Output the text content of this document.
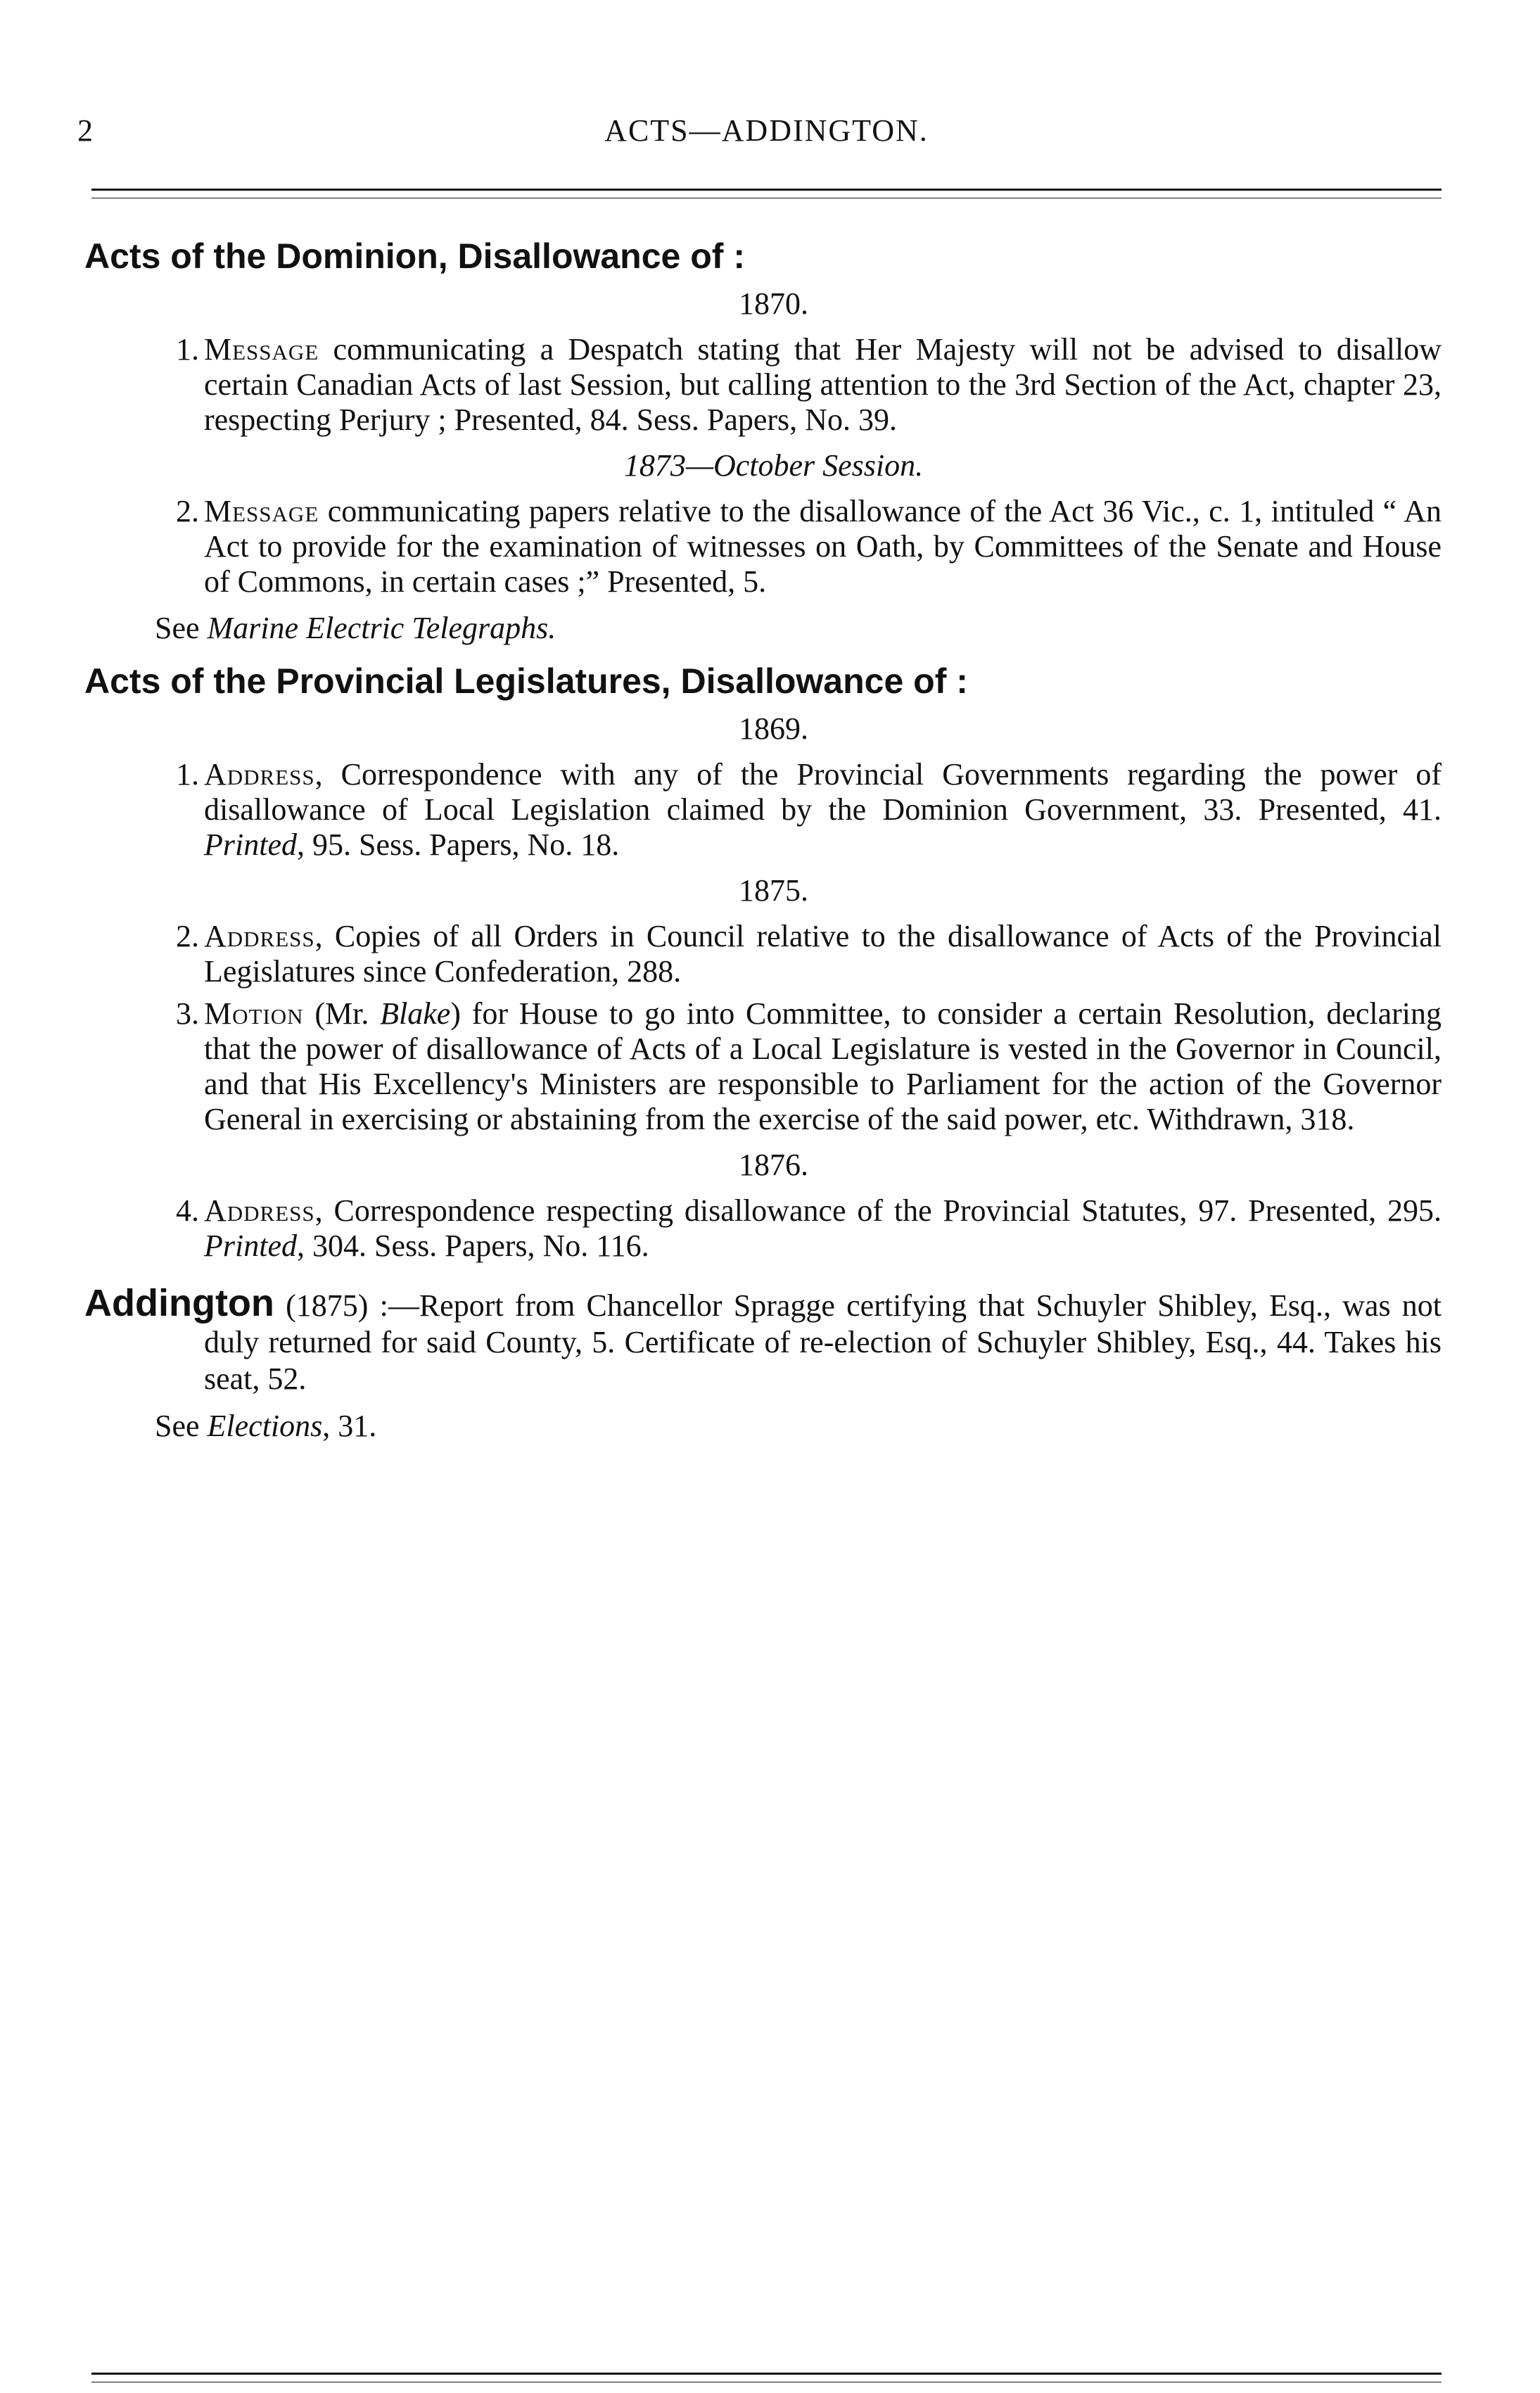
2	ACTS—ADDINGTON.
Acts of the Dominion, Disallowance of :
1870.
1. Message communicating a Despatch stating that Her Majesty will not be advised to disallow certain Canadian Acts of last Session, but calling attention to the 3rd Section of the Act, chapter 23, respecting Perjury ; Presented, 84. Sess. Papers, No. 39.
1873—October Session.
2. Message communicating papers relative to the disallowance of the Act 36 Vic., c. 1, intituled “ An Act to provide for the examination of witnesses on Oath, by Committees of the Senate and House of Commons, in certain cases ;” Presented, 5.
See Marine Electric Telegraphs.
Acts of the Provincial Legislatures, Disallowance of :
1869.
1. Address, Correspondence with any of the Provincial Governments regarding the power of disallowance of Local Legislation claimed by the Dominion Government, 33. Presented, 41. Printed, 95. Sess. Papers, No. 18.
1875.
2. Address, Copies of all Orders in Council relative to the disallowance of Acts of the Provincial Legislatures since Confederation, 288.
3. Motion (Mr. Blake) for House to go into Committee, to consider a certain Resolution, declaring that the power of disallowance of Acts of a Local Legislature is vested in the Governor in Council, and that His Excellency's Ministers are responsible to Parliament for the action of the Governor General in exercising or abstaining from the exercise of the said power, etc. Withdrawn, 318.
1876.
4. Address, Correspondence respecting disallowance of the Provincial Statutes, 97. Presented, 295. Printed, 304. Sess. Papers, No. 116.
Addington (1875) :—Report from Chancellor Spragge certifying that Schuyler Shibley, Esq., was not duly returned for said County, 5. Certificate of re-election of Schuyler Shibley, Esq., 44. Takes his seat, 52.
See Elections, 31.
